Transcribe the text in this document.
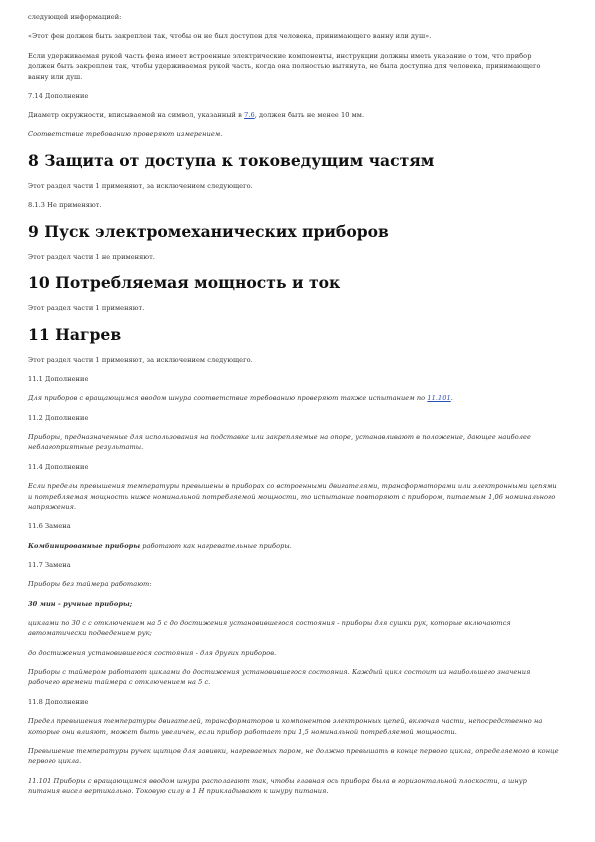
следующей информацией:

«Этот фен должен быть закреплен так, чтобы он не был доступен для человека, принимающего ванну или душ».

Если удерживаемая рукой часть фена имеет встроенные электрические компоненты, инструкции должны иметь указание о том, что прибор должен быть закреплен так, чтобы удерживаемая рукой часть, когда она полностью вытянута, не была доступна для человека, принимающего ванну или душ.

7.14 Дополнение

Диаметр окружности, вписываемой на символ, указанный в 7.6, должен быть не менее 10 мм.

Соответствие требованию проверяют измерением.

8 Защита от доступа к токоведущим частям

Этот раздел части 1 применяют, за исключением следующего.

8.1.3 Не применяют.

9 Пуск электромеханических приборов

Этот раздел части 1 не применяют.

10 Потребляемая мощность и ток

Этот раздел части 1 применяют.

11 Нагрев

Этот раздел части 1 применяют, за исключением следующего.

11.1 Дополнение

Для приборов с вращающимся вводом шнура соответствие требованию проверяют также испытанием по 11.101.

11.2 Дополнение

Приборы, предназначенные для использования на подставке или закрепляемые на опоре, устанавливают в положение, дающее наиболее неблагоприятные результаты.

11.4 Дополнение

Если пределы превышения температуры превышены в приборах со встроенными двигателями, трансформаторами или электронными цепями и потребляемая мощность ниже номинальной потребляемой мощности, то испытание повторяют с прибором, питаемым 1,06 номинального напряжения.

11.6 Замена

Комбинированные приборы работают как нагревательные приборы.

11.7 Замена

Приборы без таймера работают:

30 мин - ручные приборы;

циклами по 30 с с отключением на 5 с до достижения установившегося состояния - приборы для сушки рук, которые включаются автоматически подведением рук;

до достижения установившегося состояния - для других приборов.

Приборы с таймером работают циклами до достижения установившегося состояния. Каждый цикл состоит из наибольшего значения рабочего времени таймера с отключением на 5 с.

11.8 Дополнение

Предел превышения температуры двигателей, трансформаторов и компонентов электронных цепей, включая части, непосредственно на которые они влияют, может быть увеличен, если прибор работает при 1,5 номинальной потребляемой мощности.

Превышение температуры ручек щипцов для завивки, нагреваемых паром, не должно превышать в конце первого цикла, определяемого в конце первого цикла.

11.101 Приборы с вращающимся вводом шнура располагают так, чтобы главная ось прибора была в горизонтальной плоскости, а шнур питания висел вертикально. Токовую силу в 1 Н прикладывают к шнуру питания.
